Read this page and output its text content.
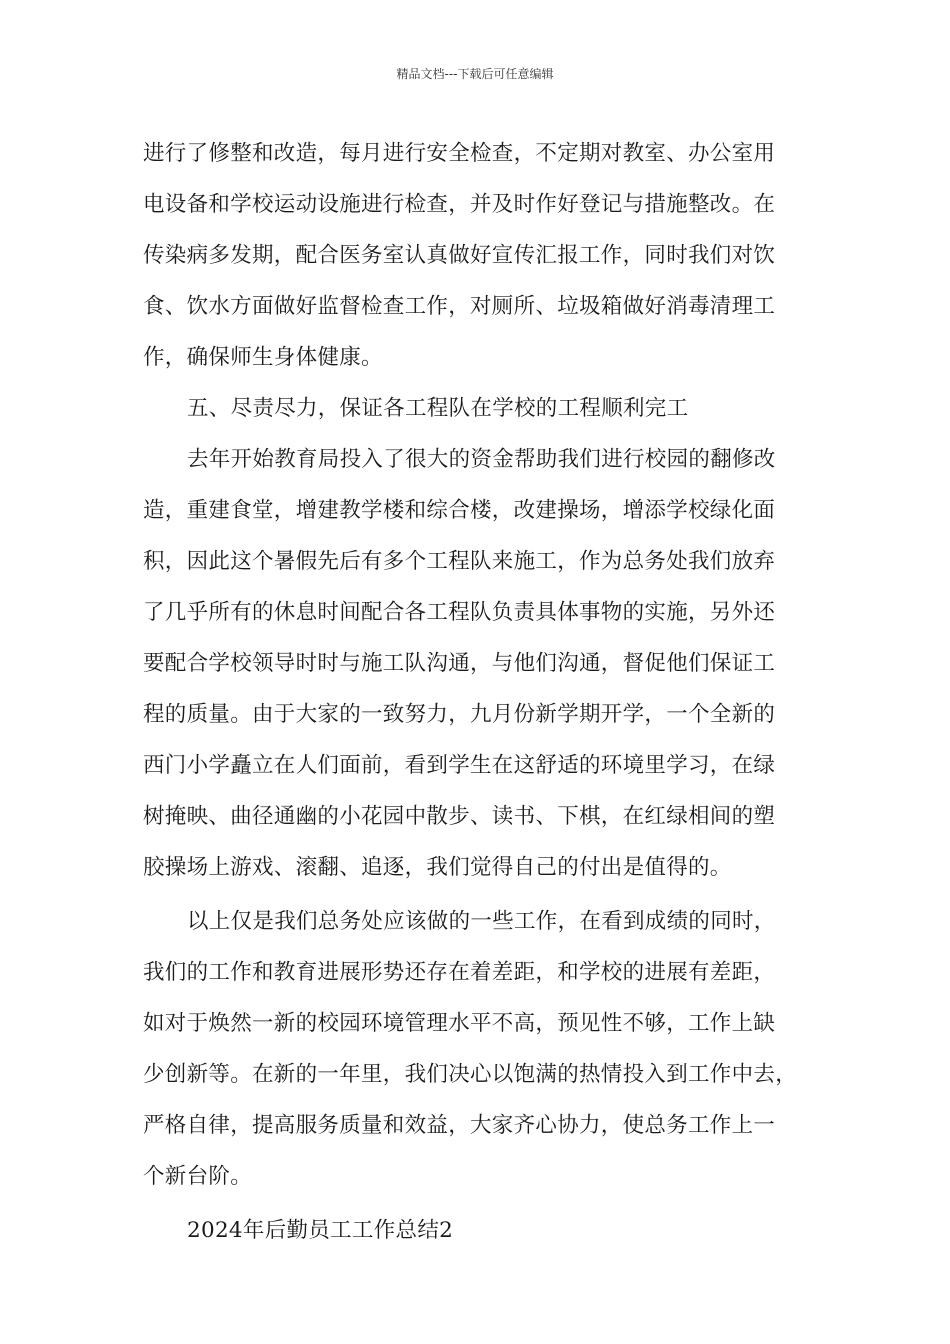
精品文档---下载后可任意编辑
进行了修整和改造，每月进行安全检查，不定期对教室、办公室用
电设备和学校运动设施进行检查，并及时作好登记与措施整改。在
传染病多发期，配合医务室认真做好宣传汇报工作，同时我们对饮
食、饮水方面做好监督检查工作，对厕所、垃圾箱做好消毒清理工
作，确保师生身体健康。
五、尽责尽力，保证各工程队在学校的工程顺利完工
去年开始教育局投入了很大的资金帮助我们进行校园的翻修改
造，重建食堂，增建教学楼和综合楼，改建操场，增添学校绿化面
积，因此这个暑假先后有多个工程队来施工，作为总务处我们放弃
了几乎所有的休息时间配合各工程队负责具体事物的实施，另外还
要配合学校领导时时与施工队沟通，与他们沟通，督促他们保证工
程的质量。由于大家的一致努力，九月份新学期开学，一个全新的
西门小学矗立在人们面前，看到学生在这舒适的环境里学习，在绿
树掩映、曲径通幽的小花园中散步、读书、下棋，在红绿相间的塑
胶操场上游戏、滚翻、追逐，我们觉得自己的付出是值得的。
以上仅是我们总务处应该做的一些工作，在看到成绩的同时，
我们的工作和教育进展形势还存在着差距，和学校的进展有差距，
如对于焕然一新的校园环境管理水平不高，预见性不够，工作上缺
少创新等。在新的一年里，我们决心以饱满的热情投入到工作中去，
严格自律，提高服务质量和效益，大家齐心协力，使总务工作上一
个新台阶。
2024年后勤员工工作总结2
